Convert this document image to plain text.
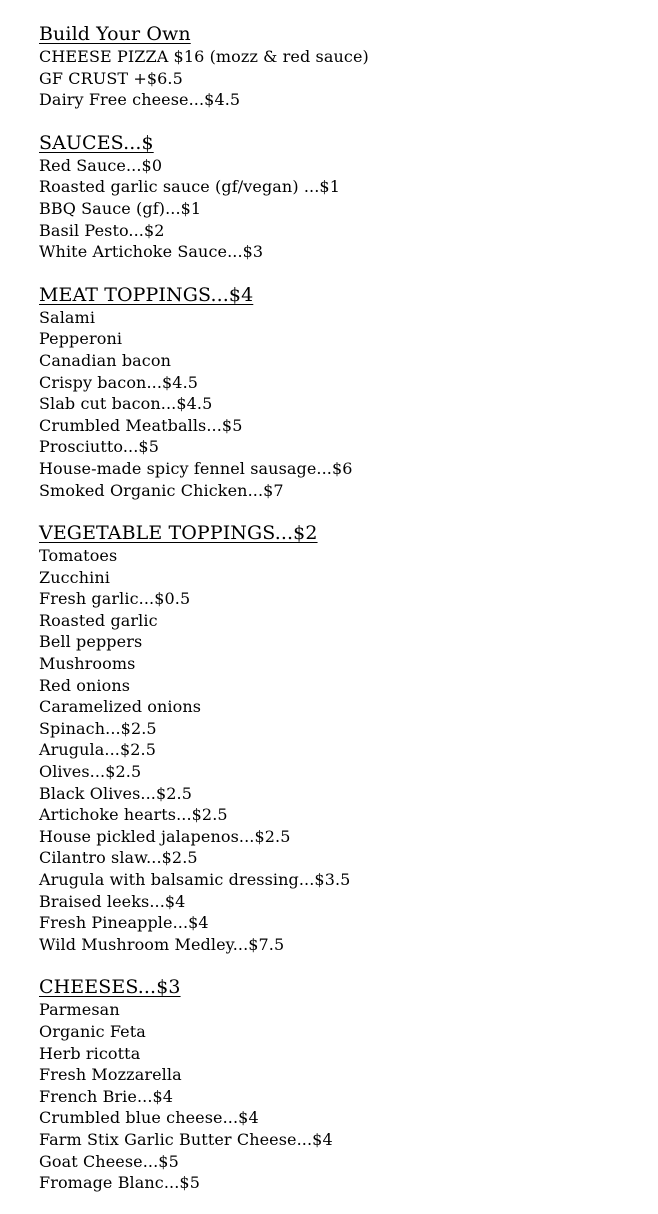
Build Your Own
CHEESE PIZZA $16 (mozz & red sauce)
GF CRUST +$6.5
Dairy Free cheese...$4.5
SAUCES...$
Red Sauce...$0
Roasted garlic sauce (gf/vegan) ...$1
BBQ Sauce (gf)...$1
Basil Pesto...$2
White Artichoke Sauce...$3
MEAT TOPPINGS...$4
Salami
Pepperoni
Canadian bacon
Crispy bacon...$4.5
Slab cut bacon...$4.5
Crumbled Meatballs...$5
Prosciutto...$5
House-made spicy fennel sausage...$6
Smoked Organic Chicken...$7
VEGETABLE TOPPINGS...$2
Tomatoes
Zucchini
Fresh garlic...$0.5
Roasted garlic
Bell peppers
Mushrooms
Red onions
Caramelized onions
Spinach...$2.5
Arugula...$2.5
Olives...$2.5
Black Olives...$2.5
Artichoke hearts...$2.5
House pickled jalapenos...$2.5
Cilantro slaw...$2.5
Arugula with balsamic dressing...$3.5
Braised leeks...$4
Fresh Pineapple...$4
Wild Mushroom Medley...$7.5
CHEESES...$3
Parmesan
Organic Feta
Herb ricotta
Fresh Mozzarella
French Brie...$4
Crumbled blue cheese...$4
Farm Stix Garlic Butter Cheese...$4
Goat Cheese...$5
Fromage Blanc...$5
